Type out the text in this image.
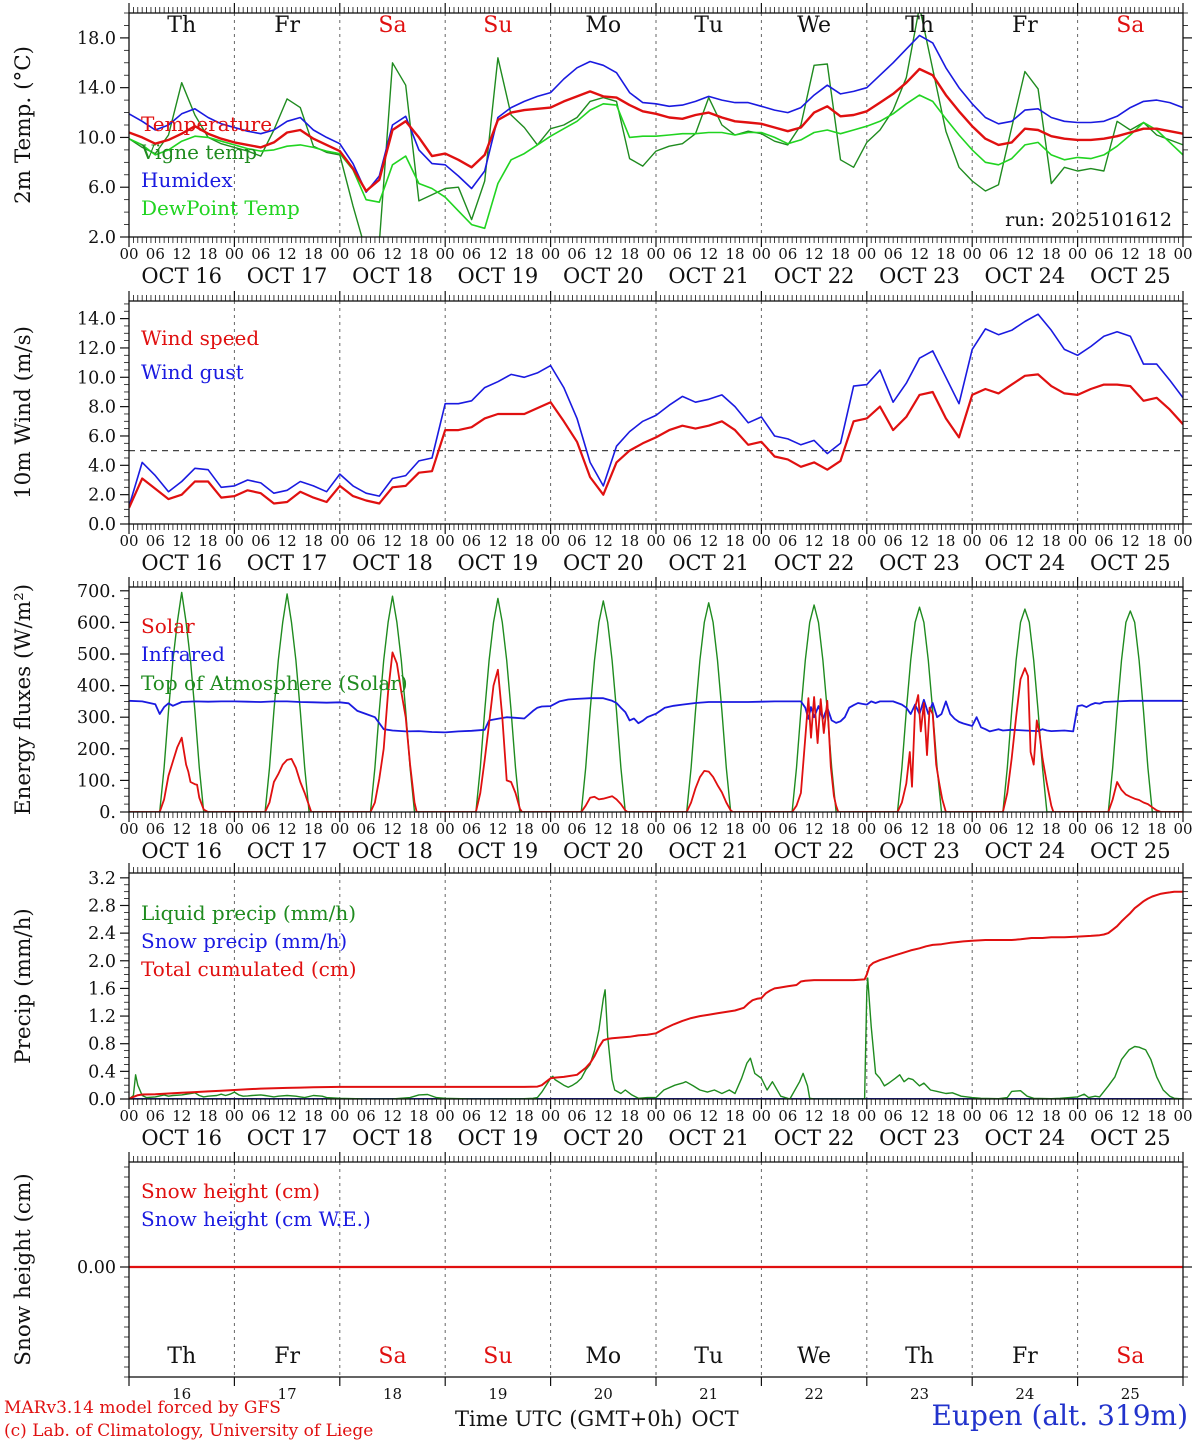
2.0
6.0
10.0
14.0
18.0
00 06 12 18 00 06 12 18 00 06 12 18 00 06 12 18 00 06 12 18 00 06 12 18 00 06 12 18 00 06 12 18 00 06 12 18 00 06 12 18 00
OCT 16 OCT 17 OCT 18 OCT 19 OCT 20 OCT 21 OCT 22 OCT 23 OCT 24 OCT 25
Th	Fr	Sa	Su	Mo	Tu	We	Th	Fr	Sa
2m Temp. (°C)	Temperature
Vigne temp
Humidex
DewPoint Temp
0.0
2.0
4.0
6.0
8.0
10.0
12.0
14.0
00 06 12 18 00 06 12 18 00 06 12 18 00 06 12 18 00 06 12 18 00 06 12 18 00 06 12 18 00 06 12 18 00 06 12 18 00 06 12 18 00
OCT 16 OCT 17 OCT 18 OCT 19 OCT 20 OCT 21 OCT 22 OCT 23 OCT 24 OCT 25
10m Wind (m/s)	Wind speed
Wind gust
0.
100.
200.
300.
400.
500.
600.
700.
00 06 12 18 00 06 12 18 00 06 12 18 00 06 12 18 00 06 12 18 00 06 12 18 00 06 12 18 00 06 12 18 00 06 12 18 00 06 12 18 00
OCT 16 OCT 17 OCT 18 OCT 19 OCT 20 OCT 21 OCT 22 OCT 23 OCT 24 OCT 25
Energy fluxes (W/m²)	Solar
Infrared
Top of Atmosphere (Solar)
0.0
0.4
0.8
1.2
1.6
2.0
2.4
2.8
3.2
00 06 12 18 00 06 12 18 00 06 12 18 00 06 12 18 00 06 12 18 00 06 12 18 00 06 12 18 00 06 12 18 00 06 12 18 00 06 12 18 00
OCT 16 OCT 17 OCT 18 OCT 19 OCT 20 OCT 21 OCT 22 OCT 23 OCT 24 OCT 25
Precip (mm/h)	Liquid precip (mm/h)
Snow precip (mm/h)
Total cumulated (cm)
0.00
16	17	18	19	20	21	22	23	24	25
Th	Fr	Sa	Su	Mo	Tu	We	Th	Fr	Sa
Snow height (cm)	Snow height (cm)
Snow height (cm W.E.)
run: 2025101612
MARv3.14 model forced by GFS
(c) Lab. of Climatology, University of Liege	Time UTC (GMT+0h) OCT	Eupen (alt. 319m)
